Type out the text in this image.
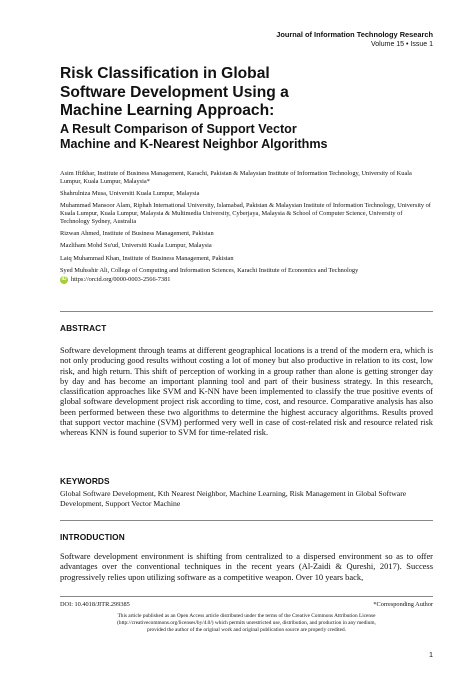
Journal of Information Technology Research
Volume 15 • Issue 1
Risk Classification in Global
Software Development Using a
Machine Learning Approach:
A Result Comparison of Support Vector
Machine and K-Nearest Neighbor Algorithms
Asim Iftikhar, Institute of Business Management, Karachi, Pakistan & Malaysian Institute of Information Technology, University of Kuala Lumpur, Kuala Lumpur, Malaysia*
Shahrulniza Musa, Universiti Kuala Lumpur, Malaysia
Muhammad Mansoor Alam, Riphah International University, Islamabad, Pakistan & Malaysian Institute of Information Technology, University of Kuala Lumpur, Kuala Lumpur, Malaysia & Multimedia University, Cyberjaya, Malaysia & School of Computer Science, University of Technology Sydney, Australia
Rizwan Ahmed, Institute of Business Management, Pakistan
Mazliham Mohd Su'ud, Universiti Kuala Lumpur, Malaysia
Laiq Muhammad Khan, Institute of Business Management, Pakistan
Syed Muhsshir Ali, College of Computing and Information Sciences, Karachi Institute of Economics and Technology
iD https://orcid.org/0000-0003-2566-7381
ABSTRACT
Software development through teams at different geographical locations is a trend of the modern era, which is not only producing good results without costing a lot of money but also productive in relation to its cost, low risk, and high return. This shift of perception of working in a group rather than alone is getting stronger day by day and has become an important planning tool and part of their business strategy. In this research, classification approaches like SVM and K-NN have been implemented to classify the true positive events of global software development project risk according to time, cost, and resource. Comparative analysis has also been performed between these two algorithms to determine the highest accuracy algorithms. Results proved that support vector machine (SVM) performed very well in case of cost-related risk and resource related risk whereas KNN is found superior to SVM for time-related risk.
KEYWORDS
Global Software Development, Kth Nearest Neighbor, Machine Learning, Risk Management in Global Software Development, Support Vector Machine
INTRODUCTION
Software development environment is shifting from centralized to a dispersed environment so as to offer advantages over the conventional techniques in the recent years (Al-Zaidi & Qureshi, 2017). Success progressively relies upon utilizing software as a competitive weapon. Over 10 years back,
DOI: 10.4018/JITR.299385	*Corresponding Author
This article published as an Open Access article distributed under the terms of the Creative Commons Attribution License
(http://creativecommons.org/licenses/by/4.0/) which permits unrestricted use, distribution, and production in any medium,
provided the author of the original work and original publication source are properly credited.
1
